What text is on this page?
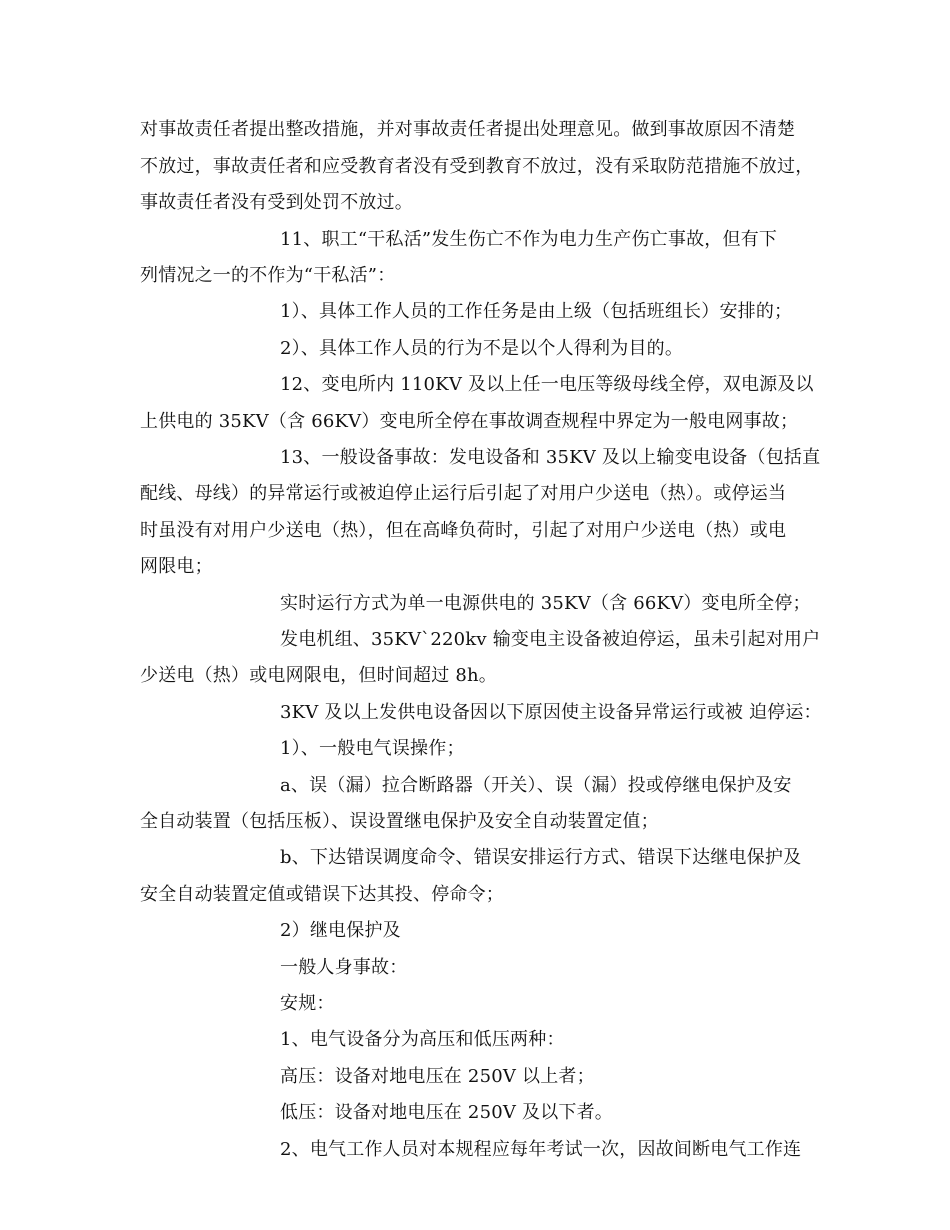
对事故责任者提出整改措施，并对事故责任者提出处理意见。做到事故原因不清楚
不放过，事故责任者和应受教育者没有受到教育不放过，没有采取防范措施不放过，
事故责任者没有受到处罚不放过。
11、职工“干私活”发生伤亡不作为电力生产伤亡事故，但有下
列情况之一的不作为“干私活”：
1）、具体工作人员的工作任务是由上级（包括班组长）安排的；
2）、具体工作人员的行为不是以个人得利为目的。
12、变电所内 110KV 及以上任一电压等级母线全停，双电源及以
上供电的 35KV（含 66KV）变电所全停在事故调查规程中界定为一般电网事故；
13、一般设备事故：发电设备和 35KV 及以上输变电设备（包括直
配线、母线）的异常运行或被迫停止运行后引起了对用户少送电（热）。或停运当
时虽没有对用户少送电（热），但在高峰负荷时，引起了对用户少送电（热）或电
网限电；
实时运行方式为单一电源供电的 35KV（含 66KV）变电所全停；
发电机组、35KV`220kv 输变电主设备被迫停运，虽未引起对用户
少送电（热）或电网限电，但时间超过 8h。
3KV 及以上发供电设备因以下原因使主设备异常运行或被 迫停运：
1）、一般电气误操作；
a、误（漏）拉合断路器（开关）、误（漏）投或停继电保护及安
全自动装置（包括压板）、误设置继电保护及安全自动装置定值；
b、下达错误调度命令、错误安排运行方式、错误下达继电保护及
安全自动装置定值或错误下达其投、停命令；
2）继电保护及
一般人身事故：
安规：
1、电气设备分为高压和低压两种：
高压：设备对地电压在 250V 以上者；
低压：设备对地电压在 250V 及以下者。
2、电气工作人员对本规程应每年考试一次，因故间断电气工作连
